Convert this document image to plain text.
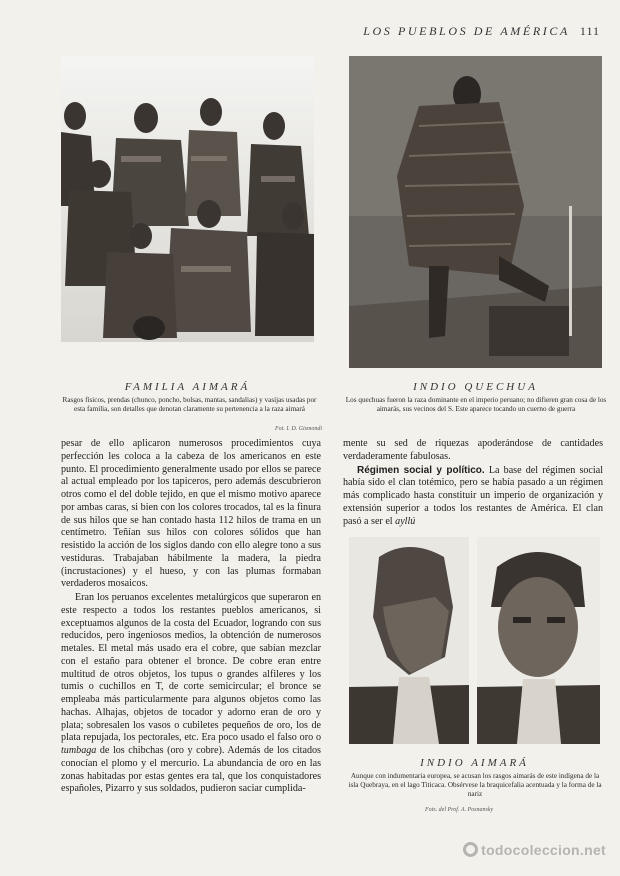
LOS PUEBLOS DE AMÉRICA 111
FAMILIA AIMARÁ
Rasgos físicos, prendas (chunco, poncho, bolsas, mantas, sandalias) y vasijas usadas por esta familia, son detalles que denotan claramente su pertenencia a la raza aimará
Fot. I. D. Gismondi
INDIO QUECHUA
Los quechuas fueron la raza dominante en el imperio peruano; no difieren gran cosa de los aimarás, sus vecinos del S. Este aparece tocando un cuerno de guerra

pesar de ello aplicaron numerosos procedimientos cuya perfección les coloca a la cabeza de los americanos en este punto. El procedimiento generalmente usado por ellos se parece al actual empleado por los tapiceros, pero además descubrieron otros como el del doble tejido, en que el mismo motivo aparece por ambas caras, si bien con los colores trocados, tal es la finura de sus hilos que se han contado hasta 112 hilos de trama en un centímetro. Teñían sus hilos con colores sólidos que han resistido la acción de los siglos dando con ello alegre tono a sus vestiduras. Trabajaban hábilmente la madera, la piedra (incrustaciones) y el hueso, y con las plumas formaban verdaderos mosaicos.

Eran los peruanos excelentes metalúrgicos que superaron en este respecto a todos los restantes pueblos americanos, si exceptuamos algunos de la costa del Ecuador, logrando con sus reducidos, pero ingeniosos medios, la obtención de numerosos metales. El metal más usado era el cobre, que sabían mezclar con el estaño para obtener el bronce. De cobre eran entre multitud de otros objetos, los tupus o grandes alfileres y los tumis o cuchillos en T, de corte semicircular; el bronce se empleaba más particularmente para algunos objetos como las hachas. Alhajas, objetos de tocador y adorno eran de oro y plata; sobresalen los vasos o cubiletes pequeños de oro, los de plata repujada, los pectorales, etc. Era poco usado el falso oro o tumbaga de los chibchas (oro y cobre). Además de los citados conocían el plomo y el mercurio. La abundancia de oro en las zonas habitadas por estas gentes era tal, que los conquistadores españoles, Pizarro y sus soldados, pudieron saciar cumplida-

mente su sed de riquezas apoderándose de cantidades verdaderamente fabulosas.

Régimen social y político. La base del régimen social había sido el clan totémico, pero se había pasado a un régimen más complicado hasta constituir un imperio de organización y extensión superior a todos los restantes de América. El clan pasó a ser el ayllú

INDIO AIMARÁ
Aunque con indumentaria europea, se acusan los rasgos aimarás de este indígena de la isla Quebraya, en el lago Titicaca. Obsérvese la braquicefalia acentuada y la forma de la nariz
Fots. del Prof. A. Posnansky
todocoleccion.net
